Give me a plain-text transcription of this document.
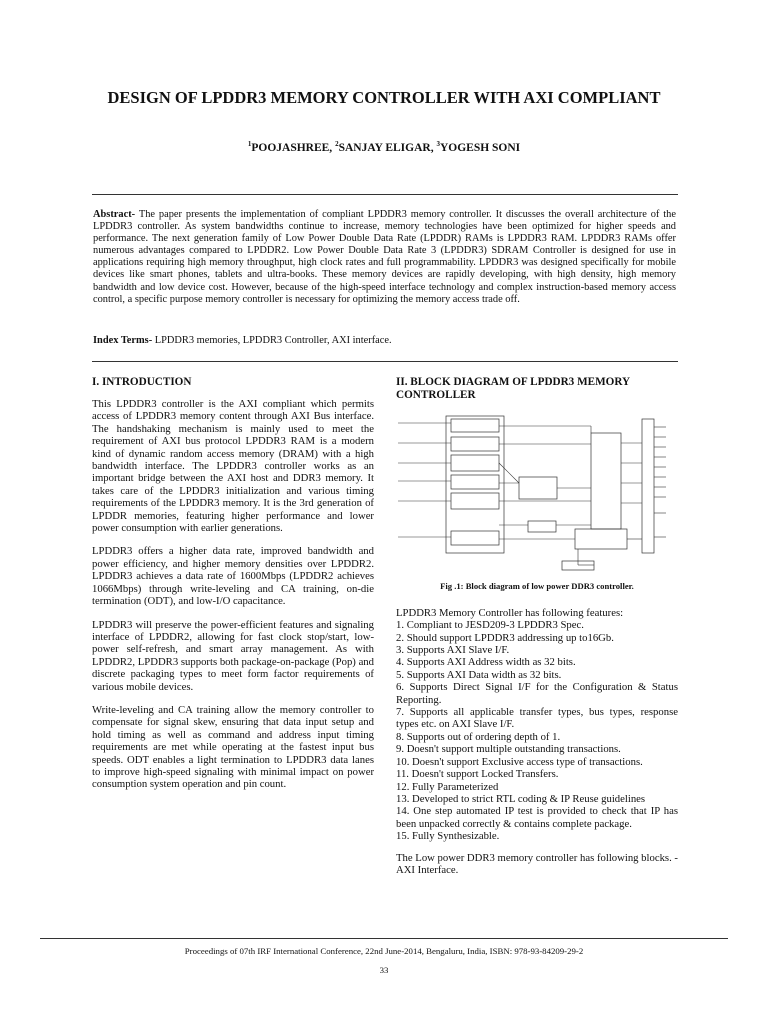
DESIGN OF LPDDR3 MEMORY CONTROLLER WITH AXI COMPLIANT

$^1$POOJASHREE, $^2$SANJAY ELIGAR, $^3$YOGESH SONI

Abstract- The paper presents the implementation of compliant LPDDR3 memory controller. It discusses the overall architecture of the LPDDR3 controller. As system bandwidths continue to increase, memory technologies have been optimized for higher speeds and performance. The next generation family of Low Power Double Data Rate (LPDDR) RAMs is LPDDR3 RAM. LPDDR3 RAMs offer numerous advantages compared to LPDDR2. Low Power Double Data Rate 3 (LPDDR3) SDRAM Controller is designed for use in applications requiring high memory throughput, high clock rates and full programmability. LPDDR3 was designed specifically for mobile devices like smart phones, tablets and ultra-books. These memory devices are rapidly developing, with high density, high memory bandwidth and low device cost. However, because of the high-speed interface technology and complex instruction-based memory access control, a specific purpose memory controller is necessary for optimizing the memory access trade off.

Index Terms- LPDDR3 memories, LPDDR3 Controller, AXI interface.

I. INTRODUCTION

This LPDDR3 controller is the AXI compliant which permits access of LPDDR3 memory content through AXI Bus interface. The handshaking mechanism is mainly used to meet the requirement of AXI bus protocol LPDDR3 RAM is a modern kind of dynamic random access memory (DRAM) with a high bandwidth interface. The LPDDR3 controller works as an important bridge between the AXI host and DDR3 memory. It takes care of the LPDDR3 initialization and various timing requirements of the LPDDR3 memory. It is the 3rd generation of LPDDR memories, featuring higher performance and lower power consumption with earlier generations.

LPDDR3 offers a higher data rate, improved bandwidth and power efficiency, and higher memory densities over LPDDR2. LPDDR3 achieves a data rate of 1600Mbps (LPDDR2 achieves 1066Mbps) through write-leveling and CA training, on-die termination (ODT), and low-I/O capacitance.

LPDDR3 will preserve the power-efficient features and signaling interface of LPDDR2, allowing for fast clock stop/start, low-power self-refresh, and smart array management. As with LPDDR2, LPDDR3 supports both package-on-package (Pop) and discrete packaging types to meet form factor requirements of various mobile devices.

Write-leveling and CA training allow the memory controller to compensate for signal skew, ensuring that data input setup and hold timing as well as command and address input timing requirements are met while operating at the fastest input bus speeds. ODT enables a light termination to LPDDR3 data lanes to improve high-speed signaling with minimal impact on power consumption system operation and pin count.

II. BLOCK DIAGRAM OF LPDDR3 MEMORY CONTROLLER

Fig .1: Block diagram of low power DDR3 controller.

LPDDR3 Memory Controller has following features:

1. Compliant to JESD209-3 LPDDR3 Spec.
2. Should support LPDDR3 addressing up to16Gb.
3. Supports AXI Slave I/F.
4. Supports AXI Address width as 32 bits.
5. Supports AXI Data width as 32 bits.
6. Supports Direct Signal I/F for the Configuration & Status Reporting.
7. Supports all applicable transfer types, bus types, response types etc. on AXI Slave I/F.
8. Supports out of ordering depth of 1.
9. Doesn't support multiple outstanding transactions.
10. Doesn't support Exclusive access type of transactions.
11. Doesn't support Locked Transfers.
12. Fully Parameterized
13. Developed to strict RTL coding & IP Reuse guidelines
14. One step automated IP test is provided to check that IP has been unpacked correctly & contains complete package.
15. Fully Synthesizable.

The Low power DDR3 memory controller has following blocks. - AXI Interface.

Proceedings of 07th IRF International Conference, 22nd June-2014, Bengaluru, India, ISBN: 978-93-84209-29-2

33
